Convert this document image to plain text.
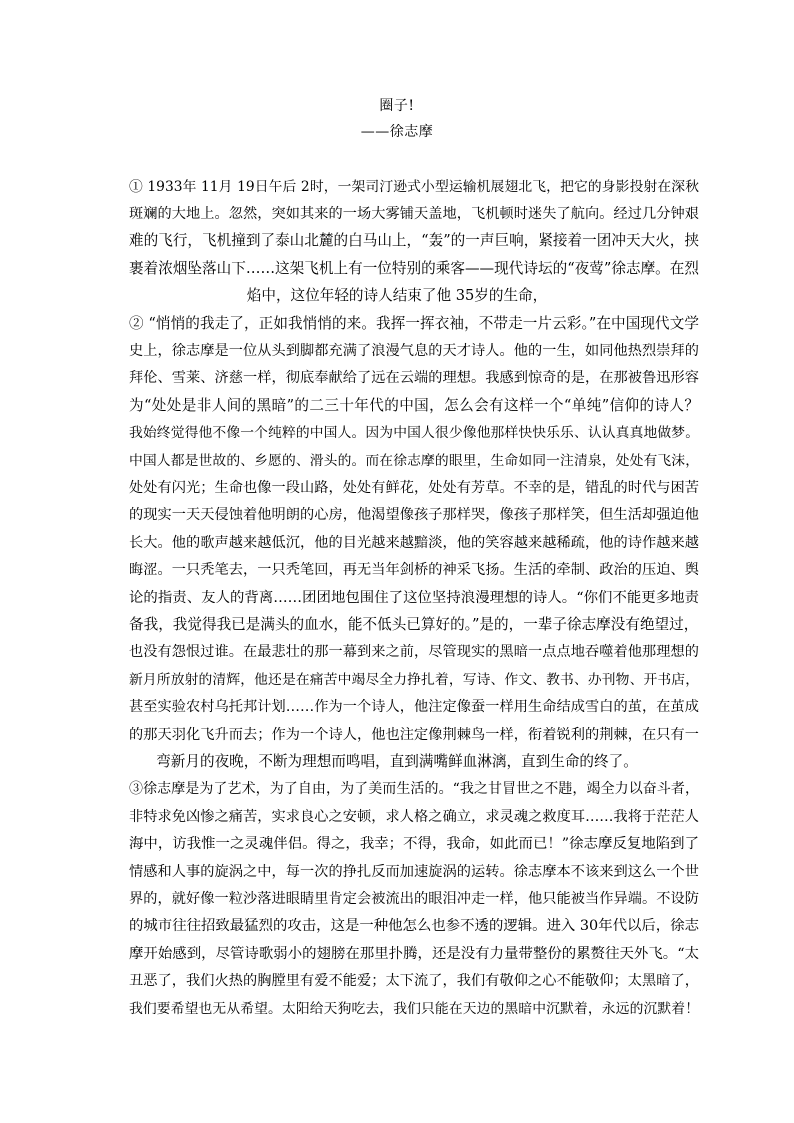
圈子!
——徐志摩
① 1933年 11月 19日午后 2时，一架司汀逊式小型运输机展翅北飞，把它的身影投射在深秋
斑斓的大地上。忽然，突如其来的一场大雾铺天盖地，飞机顿时迷失了航向。经过几分钟艰
难的飞行，飞机撞到了泰山北麓的白马山上，“轰”的一声巨响，紧接着一团冲天大火，挟
裹着浓烟坠落山下……这架飞机上有一位特别的乘客——现代诗坛的“夜莺”徐志摩。在烈
焰中，这位年轻的诗人结束了他 35岁的生命，
② “悄悄的我走了，正如我悄悄的来。我挥一挥衣袖，不带走一片云彩。”在中国现代文学
史上，徐志摩是一位从头到脚都充满了浪漫气息的天才诗人。他的一生，如同他热烈崇拜的
拜伦、雪莱、济慈一样，彻底奉献给了远在云端的理想。我感到惊奇的是，在那被鲁迅形容
为“处处是非人间的黑暗”的二三十年代的中国，怎么会有这样一个“单纯”信仰的诗人？
我始终觉得他不像一个纯粹的中国人。因为中国人很少像他那样快快乐乐、认认真真地做梦。
中国人都是世故的、乡愿的、滑头的。而在徐志摩的眼里，生命如同一注清泉，处处有飞沫，
处处有闪光；生命也像一段山路，处处有鲜花，处处有芳草。不幸的是，错乱的时代与困苦
的现实一天天侵蚀着他明朗的心房，他渴望像孩子那样哭，像孩子那样笑，但生活却强迫他
长大。他的歌声越来越低沉，他的目光越来越黯淡，他的笑容越来越稀疏，他的诗作越来越
晦涩。一只秃笔去，一只秃笔回，再无当年剑桥的神采飞扬。生活的牵制、政治的压迫、舆
论的指责、友人的背离……团团地包围住了这位坚持浪漫理想的诗人。“你们不能更多地责
备我，我觉得我已是满头的血水，能不低头已算好的。”是的，一辈子徐志摩没有绝望过，
也没有怨恨过谁。在最悲壮的那一幕到来之前，尽管现实的黑暗一点点地吞噬着他那理想的
新月所放射的清辉，他还是在痛苦中竭尽全力挣扎着，写诗、作文、教书、办刊物、开书店，
甚至实验农村乌托邦计划……作为一个诗人，他注定像蚕一样用生命结成雪白的茧，在茧成
的那天羽化飞升而去；作为一个诗人，他也注定像荆棘鸟一样，衔着锐利的荆棘，在只有一
弯新月的夜晚，不断为理想而鸣唱，直到满嘴鲜血淋漓，直到生命的终了。
③徐志摩是为了艺术，为了自由，为了美而生活的。“我之甘冒世之不韪，竭全力以奋斗者，
非特求免凶惨之痛苦，实求良心之安顿，求人格之确立，求灵魂之救度耳……我将于茫茫人
海中，访我惟一之灵魂伴侣。得之，我幸；不得，我命，如此而已！”徐志摩反复地陷到了
情感和人事的旋涡之中，每一次的挣扎反而加速旋涡的运转。徐志摩本不该来到这么一个世
界的，就好像一粒沙落进眼睛里肯定会被流出的眼泪冲走一样，他只能被当作异端。不设防
的城市往往招致最猛烈的攻击，这是一种他怎么也参不透的逻辑。进入 30年代以后，徐志
摩开始感到，尽管诗歌弱小的翅膀在那里扑腾，还是没有力量带整份的累赘往天外飞。“太
丑恶了，我们火热的胸膛里有爱不能爱；太下流了，我们有敬仰之心不能敬仰；太黑暗了，
我们要希望也无从希望。太阳给天狗吃去，我们只能在天边的黑暗中沉默着，永远的沉默着！
